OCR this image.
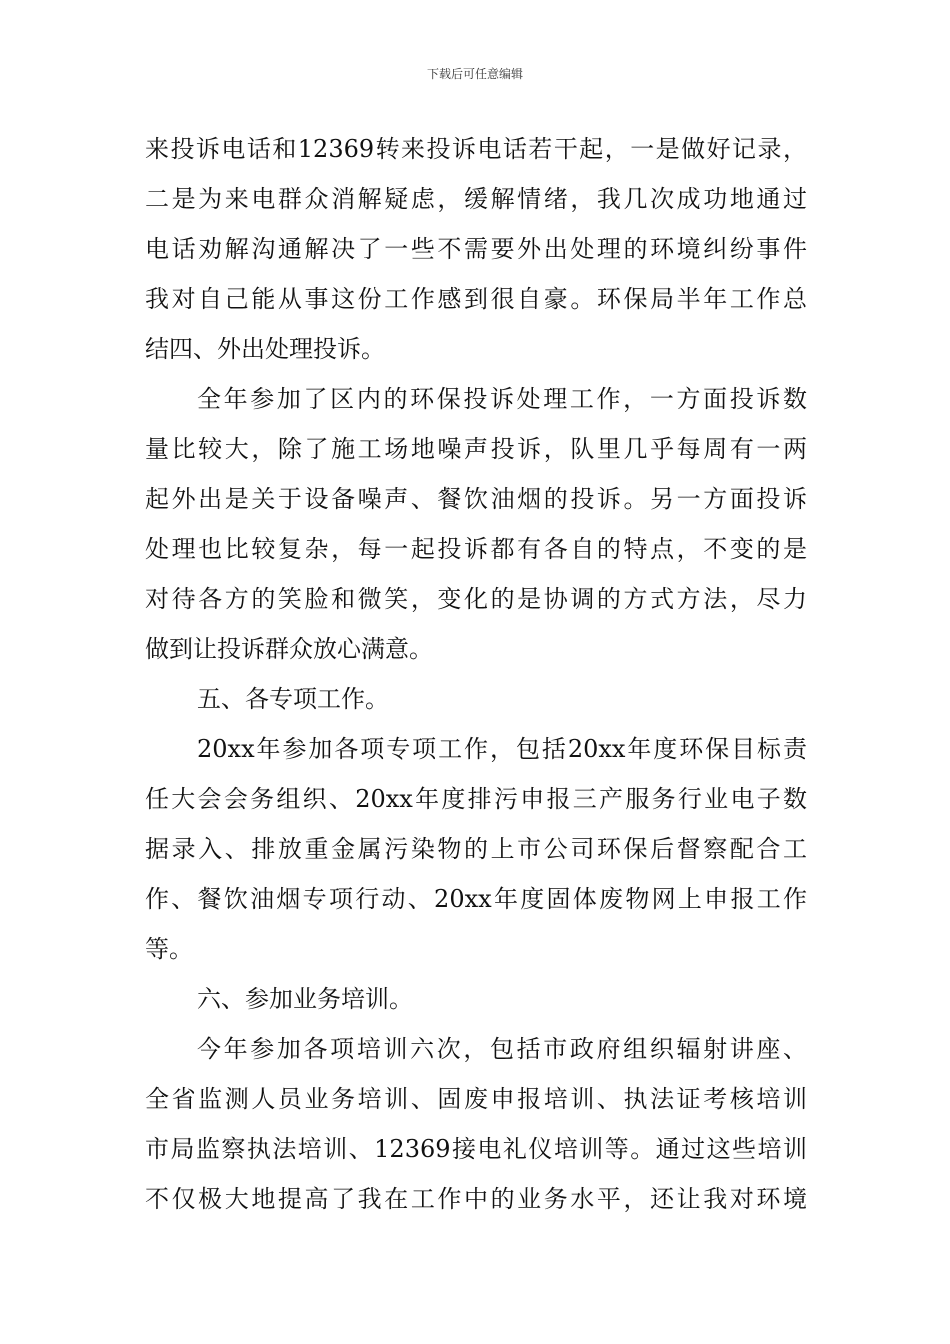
下载后可任意编辑
来投诉电话和12369转来投诉电话若干起，一是做好记录，
二是为来电群众消解疑虑，缓解情绪，我几次成功地通过
电话劝解沟通解决了一些不需要外出处理的环境纠纷事件
我对自己能从事这份工作感到很自豪。环保局半年工作总
结四、外出处理投诉。
全年参加了区内的环保投诉处理工作，一方面投诉数
量比较大，除了施工场地噪声投诉，队里几乎每周有一两
起外出是关于设备噪声、餐饮油烟的投诉。另一方面投诉
处理也比较复杂，每一起投诉都有各自的特点，不变的是
对待各方的笑脸和微笑，变化的是协调的方式方法，尽力
做到让投诉群众放心满意。
五、各专项工作。
20xx年参加各项专项工作，包括20xx年度环保目标责
任大会会务组织、20xx年度排污申报三产服务行业电子数
据录入、排放重金属污染物的上市公司环保后督察配合工
作、餐饮油烟专项行动、20xx年度固体废物网上申报工作
等。
六、参加业务培训。
今年参加各项培训六次，包括市政府组织辐射讲座、
全省监测人员业务培训、固废申报培训、执法证考核培训
市局监察执法培训、12369接电礼仪培训等。通过这些培训
不仅极大地提高了我在工作中的业务水平，还让我对环境
